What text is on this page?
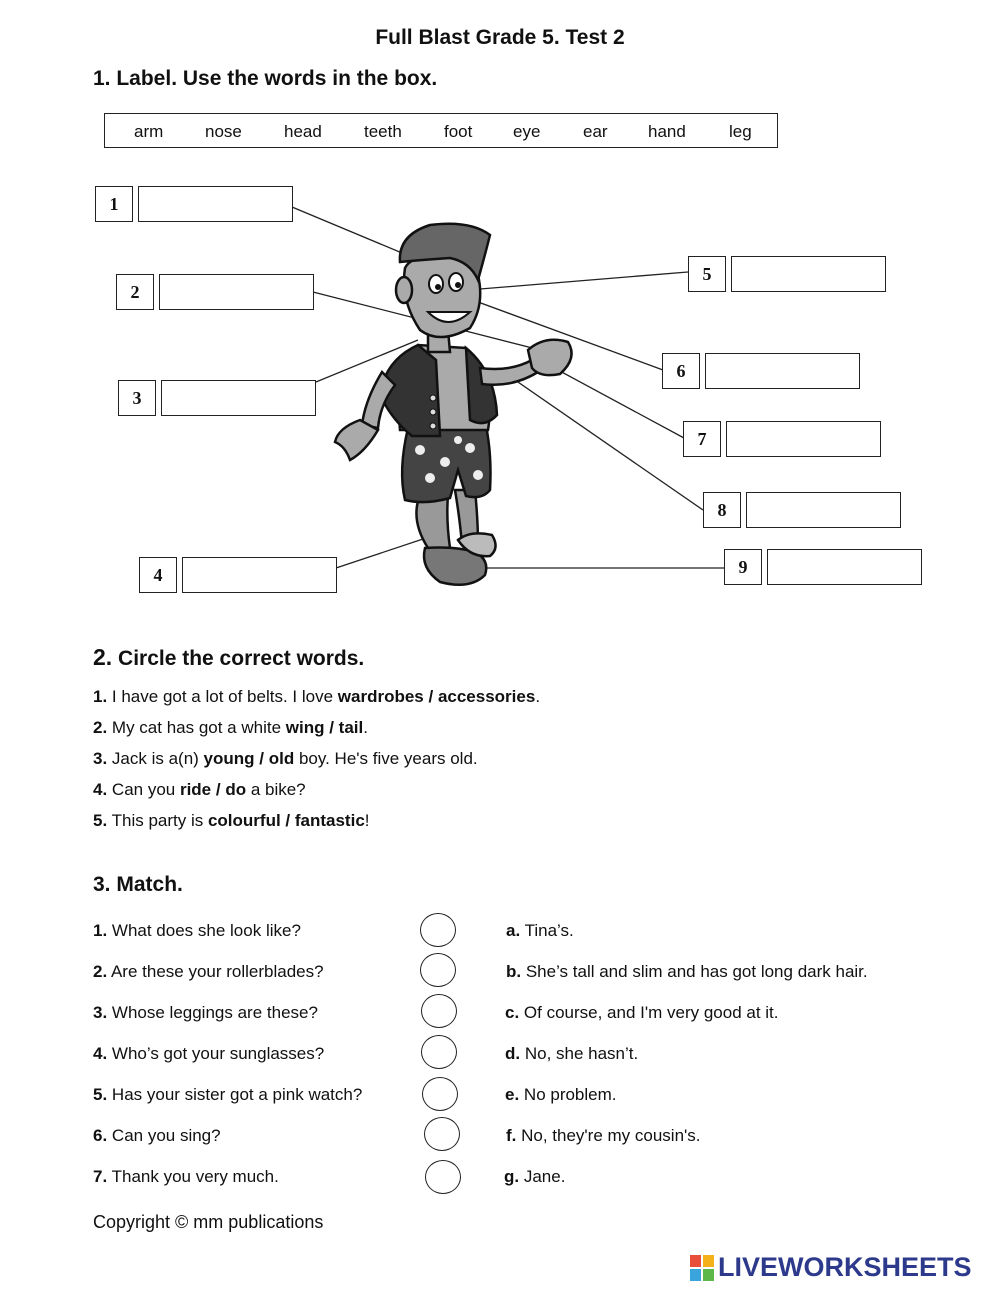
Full Blast Grade 5. Test 2
1. Label. Use the words in the box.
arm nose head teeth foot eye	ear hand	leg
1
2
3
4
5
6
7
8
9
2. Circle the correct words.
1. I have got a lot of belts. I love wardrobes / accessories.
2. My cat has got a white wing / tail.
3. Jack is a(n) young / old boy. He's five years old.
4. Can you ride / do a bike?
5. This party is colourful / fantastic!
3. Match.
1. What does she look like?
2. Are these your rollerblades?
3. Whose leggings are these?
4. Who’s got your sunglasses?
5. Has your sister got a pink watch?
6. Can you sing?
7. Thank you very much.
a. Tina’s.
b. She’s tall and slim and has got long dark hair.
c. Of course, and I'm very good at it.
d. No, she hasn’t.
e. No problem.
f. No, they're my cousin's.
g. Jane.
Copyright © mm publications
LIVEWORKSHEETS
